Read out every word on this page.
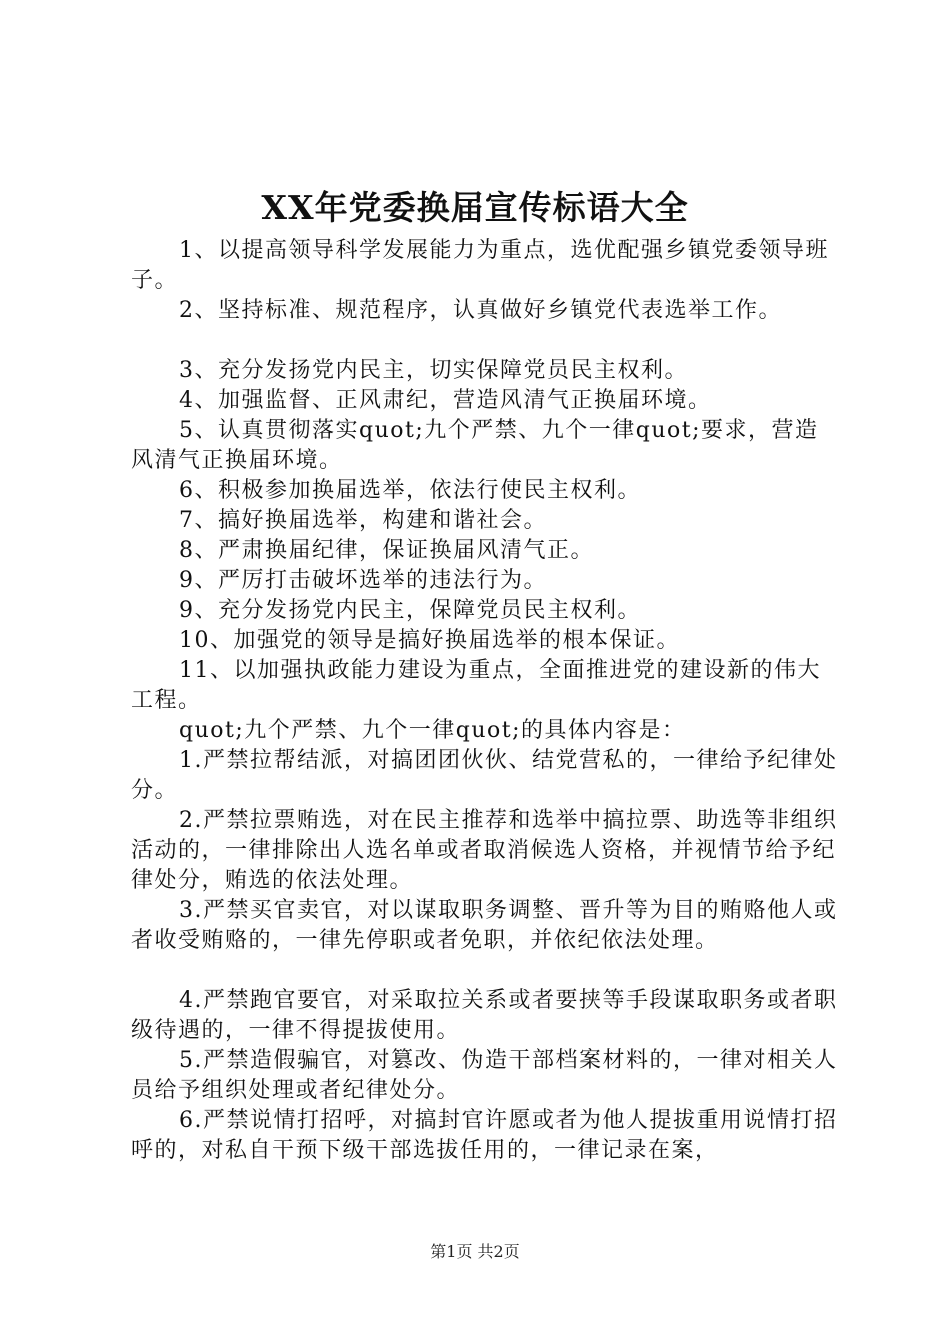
XX年党委换届宣传标语大全

1、以提高领导科学发展能力为重点，选优配强乡镇党委领导班子。

2、坚持标准、规范程序，认真做好乡镇党代表选举工作。

3、充分发扬党内民主，切实保障党员民主权利。

4、加强监督、正风肃纪，营造风清气正换届环境。

5、认真贯彻落实quot;九个严禁、九个一律quot;要求，营造风清气正换届环境。

6、积极参加换届选举，依法行使民主权利。

7、搞好换届选举，构建和谐社会。

8、严肃换届纪律，保证换届风清气正。

9、严厉打击破坏选举的违法行为。

9、充分发扬党内民主，保障党员民主权利。

10、加强党的领导是搞好换届选举的根本保证。

11、以加强执政能力建设为重点，全面推进党的建设新的伟大工程。

quot;九个严禁、九个一律quot;的具体内容是：

1.严禁拉帮结派，对搞团团伙伙、结党营私的，一律给予纪律处分。

2.严禁拉票贿选，对在民主推荐和选举中搞拉票、助选等非组织活动的，一律排除出人选名单或者取消候选人资格，并视情节给予纪律处分，贿选的依法处理。

3.严禁买官卖官，对以谋取职务调整、晋升等为目的贿赂他人或者收受贿赂的，一律先停职或者免职，并依纪依法处理。

4.严禁跑官要官，对采取拉关系或者要挟等手段谋取职务或者职级待遇的，一律不得提拔使用。

5.严禁造假骗官，对篡改、伪造干部档案材料的，一律对相关人员给予组织处理或者纪律处分。

6.严禁说情打招呼，对搞封官许愿或者为他人提拔重用说情打招呼的，对私自干预下级干部选拔任用的，一律记录在案，

第1页 共2页
